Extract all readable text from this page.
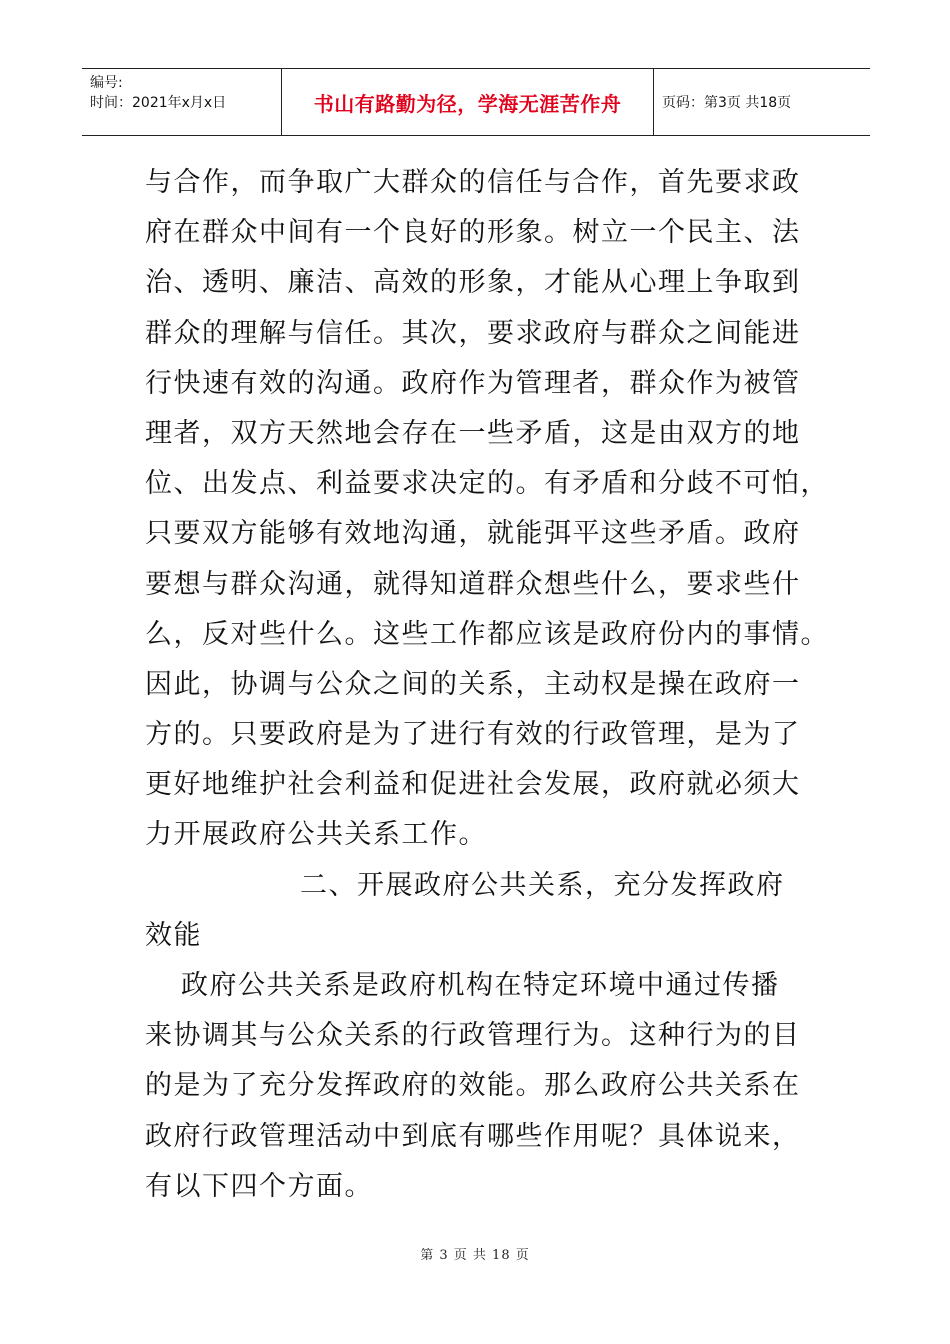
编号:
时间：2021年x月x日	书山有路勤为径，学海无涯苦作舟	页码：第3页 共18页
与合作，而争取广大群众的信任与合作，首先要求政
府在群众中间有一个良好的形象。树立一个民主、法
治、透明、廉洁、高效的形象，才能从心理上争取到
群众的理解与信任。其次，要求政府与群众之间能进
行快速有效的沟通。政府作为管理者，群众作为被管
理者，双方天然地会存在一些矛盾，这是由双方的地
位、出发点、利益要求决定的。有矛盾和分歧不可怕，
只要双方能够有效地沟通，就能弭平这些矛盾。政府
要想与群众沟通，就得知道群众想些什么，要求些什
么，反对些什么。这些工作都应该是政府份内的事情。
因此，协调与公众之间的关系，主动权是操在政府一
方的。只要政府是为了进行有效的行政管理，是为了
更好地维护社会利益和促进社会发展，政府就必须大
力开展政府公共关系工作。
二、开展政府公共关系，充分发挥政府
效能
政府公共关系是政府机构在特定环境中通过传播
来协调其与公众关系的行政管理行为。这种行为的目
的是为了充分发挥政府的效能。那么政府公共关系在
政府行政管理活动中到底有哪些作用呢？具体说来，
有以下四个方面。
第 3 页 共 18 页
